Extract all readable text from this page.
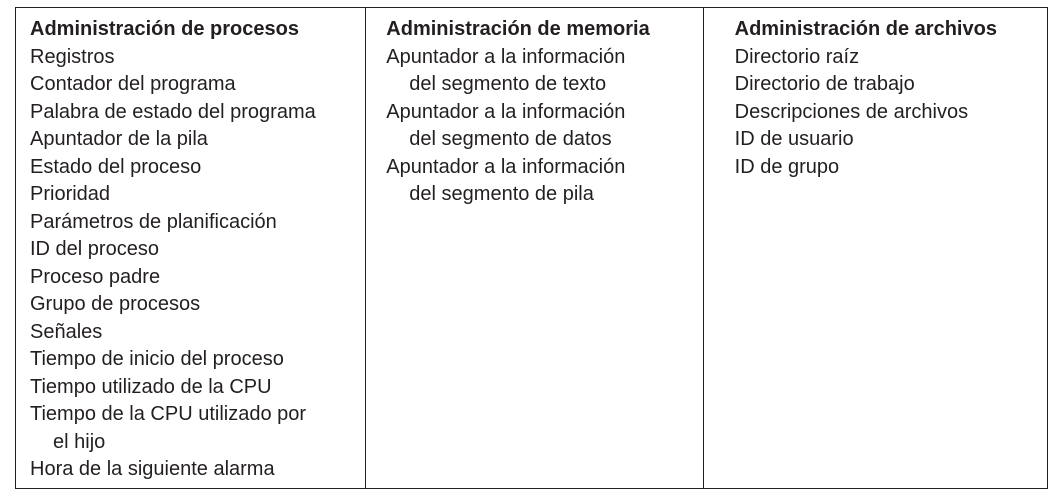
Administración de procesos
Registros
Contador del programa
Palabra de estado del programa
Apuntador de la pila
Estado del proceso
Prioridad
Parámetros de planificación
ID del proceso
Proceso padre
Grupo de procesos
Señales
Tiempo de inicio del proceso
Tiempo utilizado de la CPU
Tiempo de la CPU utilizado por
el hijo
Hora de la siguiente alarma
Administración de memoria
Apuntador a la información
del segmento de texto
Apuntador a la información
del segmento de datos
Apuntador a la información
del segmento de pila
Administración de archivos
Directorio raíz
Directorio de trabajo
Descripciones de archivos
ID de usuario
ID de grupo
